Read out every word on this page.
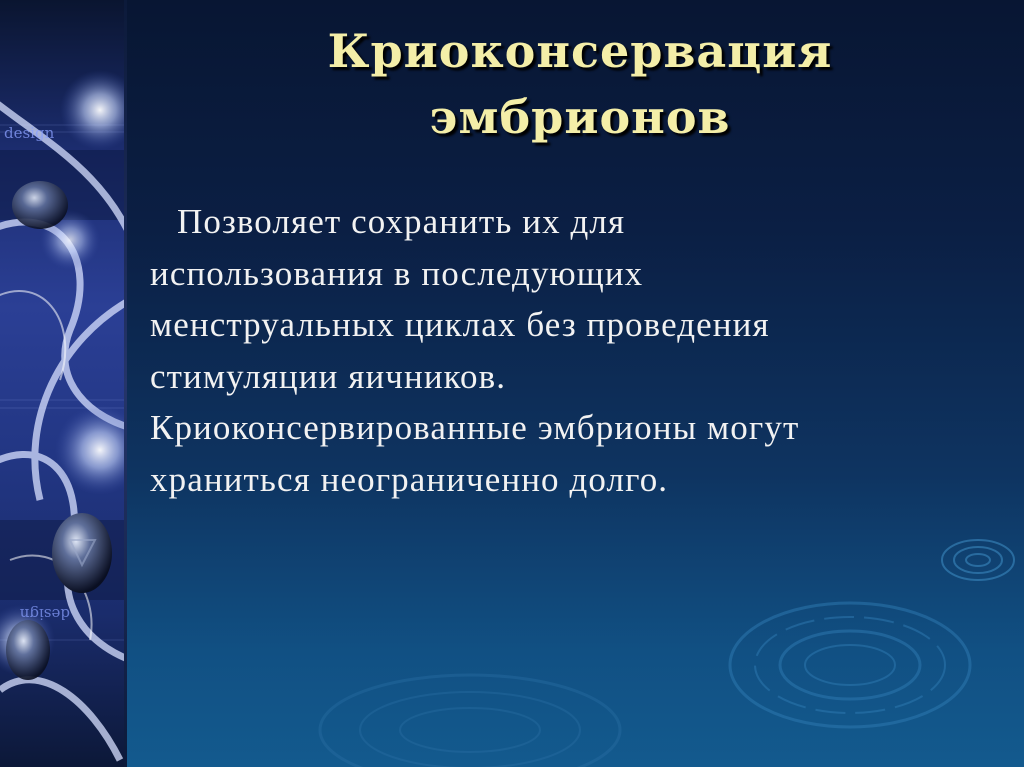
design
design
Криоконсервация
эмбрионов
Позволяет сохранить их для
использования в последующих
менструальных циклах без проведения
стимуляции яичников.
Криоконсервированные эмбрионы могут
храниться неограниченно долго.
